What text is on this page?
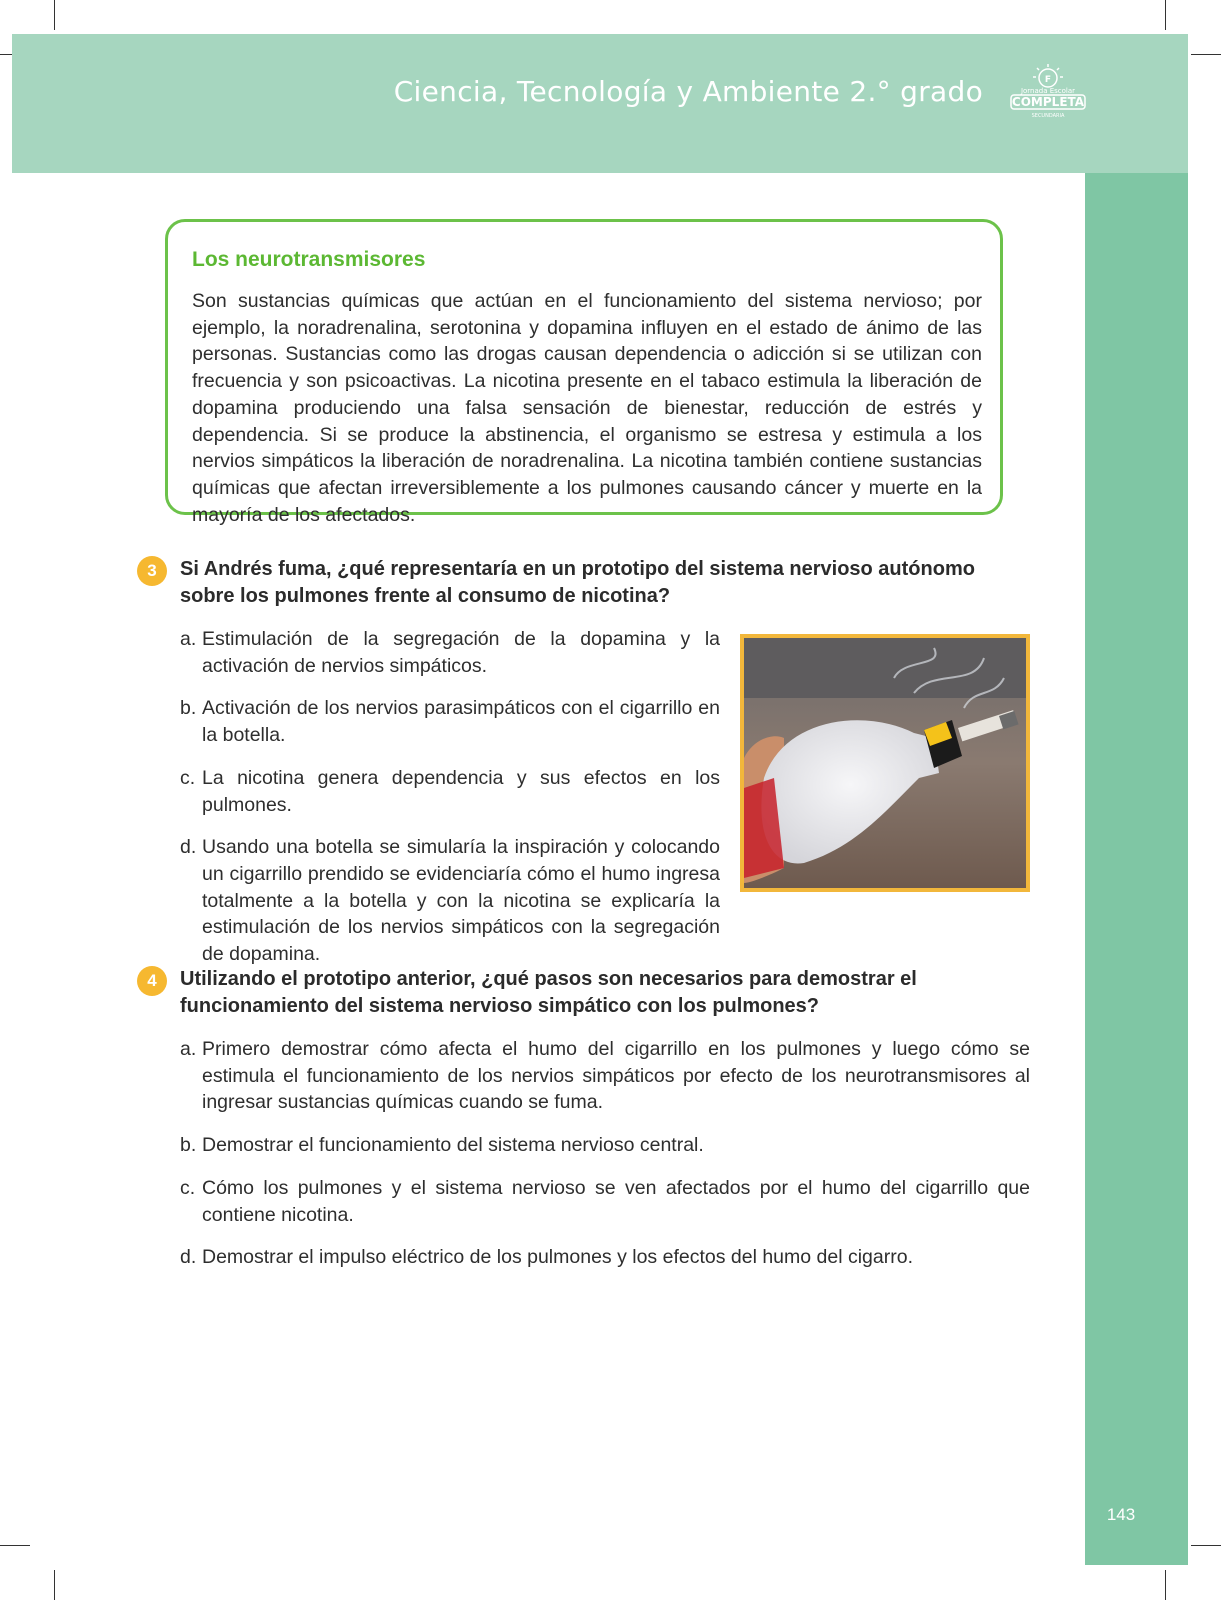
Ciencia, Tecnología y Ambiente 2.° grado	F
Jornada Escolar
COMPLETA
SECUNDARIA
143
Los neurotransmisores
Son sustancias químicas que actúan en el funcionamiento del sistema nervioso; por ejemplo, la noradrenalina, serotonina y dopamina influyen en el estado de ánimo de las personas. Sustancias como las drogas causan dependencia o adicción si se utilizan con frecuencia y son psicoactivas. La nicotina presente en el tabaco estimula la liberación de dopamina produciendo una falsa sensación de bienestar, reducción de estrés y dependencia. Si se produce la abstinencia, el organismo se estresa y estimula a los nervios simpáticos la liberación de noradrenalina. La nicotina también contiene sustancias químicas que afectan irreversiblemente a los pulmones causando cáncer y muerte en la mayoría de los afectados.
3	Si Andrés fuma, ¿qué representaría en un prototipo del sistema nervioso autónomo sobre los pulmones frente al consumo de nicotina?
a. Estimulación de la segregación de la dopamina y la activación de nervios simpáticos.
b. Activación de los nervios parasimpáticos con el cigarrillo en la botella.
c. La nicotina genera dependencia y sus efectos en los pulmones.
d. Usando una botella se simularía la inspiración y colocando un cigarrillo prendido se evidenciaría cómo el humo ingresa totalmente a la botella y con la nicotina se explicaría la estimulación de los nervios simpáticos con la segregación de dopamina.
4	Utilizando el prototipo anterior, ¿qué pasos son necesarios para demostrar el funcionamiento del sistema nervioso simpático con los pulmones?
a. Primero demostrar cómo afecta el humo del cigarrillo en los pulmones y luego cómo se estimula el funcionamiento de los nervios simpáticos por efecto de los neurotransmisores al ingresar sustancias químicas cuando se fuma.
b. Demostrar el funcionamiento del sistema nervioso central.
c. Cómo los pulmones y el sistema nervioso se ven afectados por el humo del cigarrillo que contiene nicotina.
d. Demostrar el impulso eléctrico de los pulmones y los efectos del humo del cigarro.
